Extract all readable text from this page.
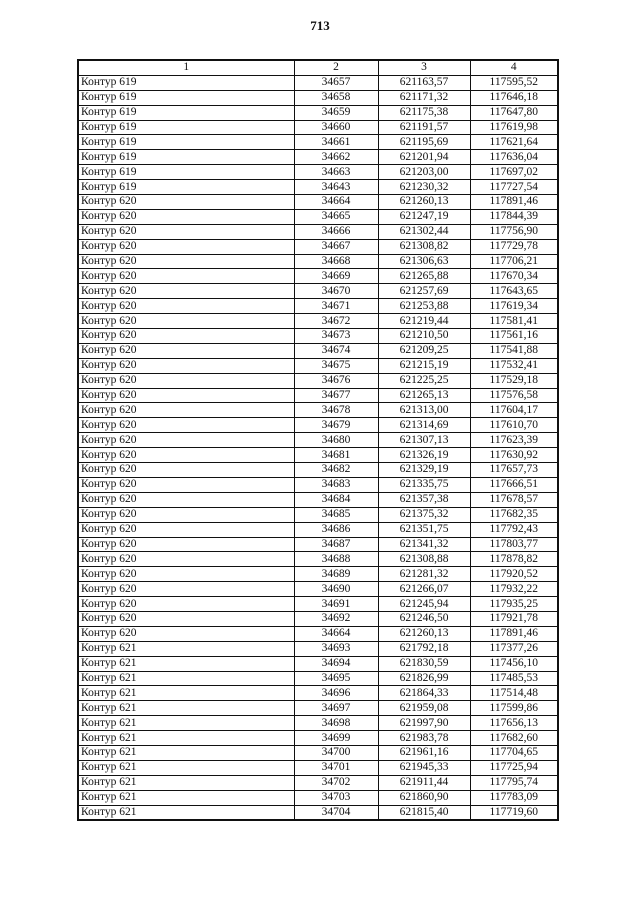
713
1	2	3	4
Контур 619	34657	621163,57	117595,52
Контур 619	34658	621171,32	117646,18
Контур 619	34659	621175,38	117647,80
Контур 619	34660	621191,57	117619,98
Контур 619	34661	621195,69	117621,64
Контур 619	34662	621201,94	117636,04
Контур 619	34663	621203,00	117697,02
Контур 619	34643	621230,32	117727,54
Контур 620	34664	621260,13	117891,46
Контур 620	34665	621247,19	117844,39
Контур 620	34666	621302,44	117756,90
Контур 620	34667	621308,82	117729,78
Контур 620	34668	621306,63	117706,21
Контур 620	34669	621265,88	117670,34
Контур 620	34670	621257,69	117643,65
Контур 620	34671	621253,88	117619,34
Контур 620	34672	621219,44	117581,41
Контур 620	34673	621210,50	117561,16
Контур 620	34674	621209,25	117541,88
Контур 620	34675	621215,19	117532,41
Контур 620	34676	621225,25	117529,18
Контур 620	34677	621265,13	117576,58
Контур 620	34678	621313,00	117604,17
Контур 620	34679	621314,69	117610,70
Контур 620	34680	621307,13	117623,39
Контур 620	34681	621326,19	117630,92
Контур 620	34682	621329,19	117657,73
Контур 620	34683	621335,75	117666,51
Контур 620	34684	621357,38	117678,57
Контур 620	34685	621375,32	117682,35
Контур 620	34686	621351,75	117792,43
Контур 620	34687	621341,32	117803,77
Контур 620	34688	621308,88	117878,82
Контур 620	34689	621281,32	117920,52
Контур 620	34690	621266,07	117932,22
Контур 620	34691	621245,94	117935,25
Контур 620	34692	621246,50	117921,78
Контур 620	34664	621260,13	117891,46
Контур 621	34693	621792,18	117377,26
Контур 621	34694	621830,59	117456,10
Контур 621	34695	621826,99	117485,53
Контур 621	34696	621864,33	117514,48
Контур 621	34697	621959,08	117599,86
Контур 621	34698	621997,90	117656,13
Контур 621	34699	621983,78	117682,60
Контур 621	34700	621961,16	117704,65
Контур 621	34701	621945,33	117725,94
Контур 621	34702	621911,44	117795,74
Контур 621	34703	621860,90	117783,09
Контур 621	34704	621815,40	117719,60
